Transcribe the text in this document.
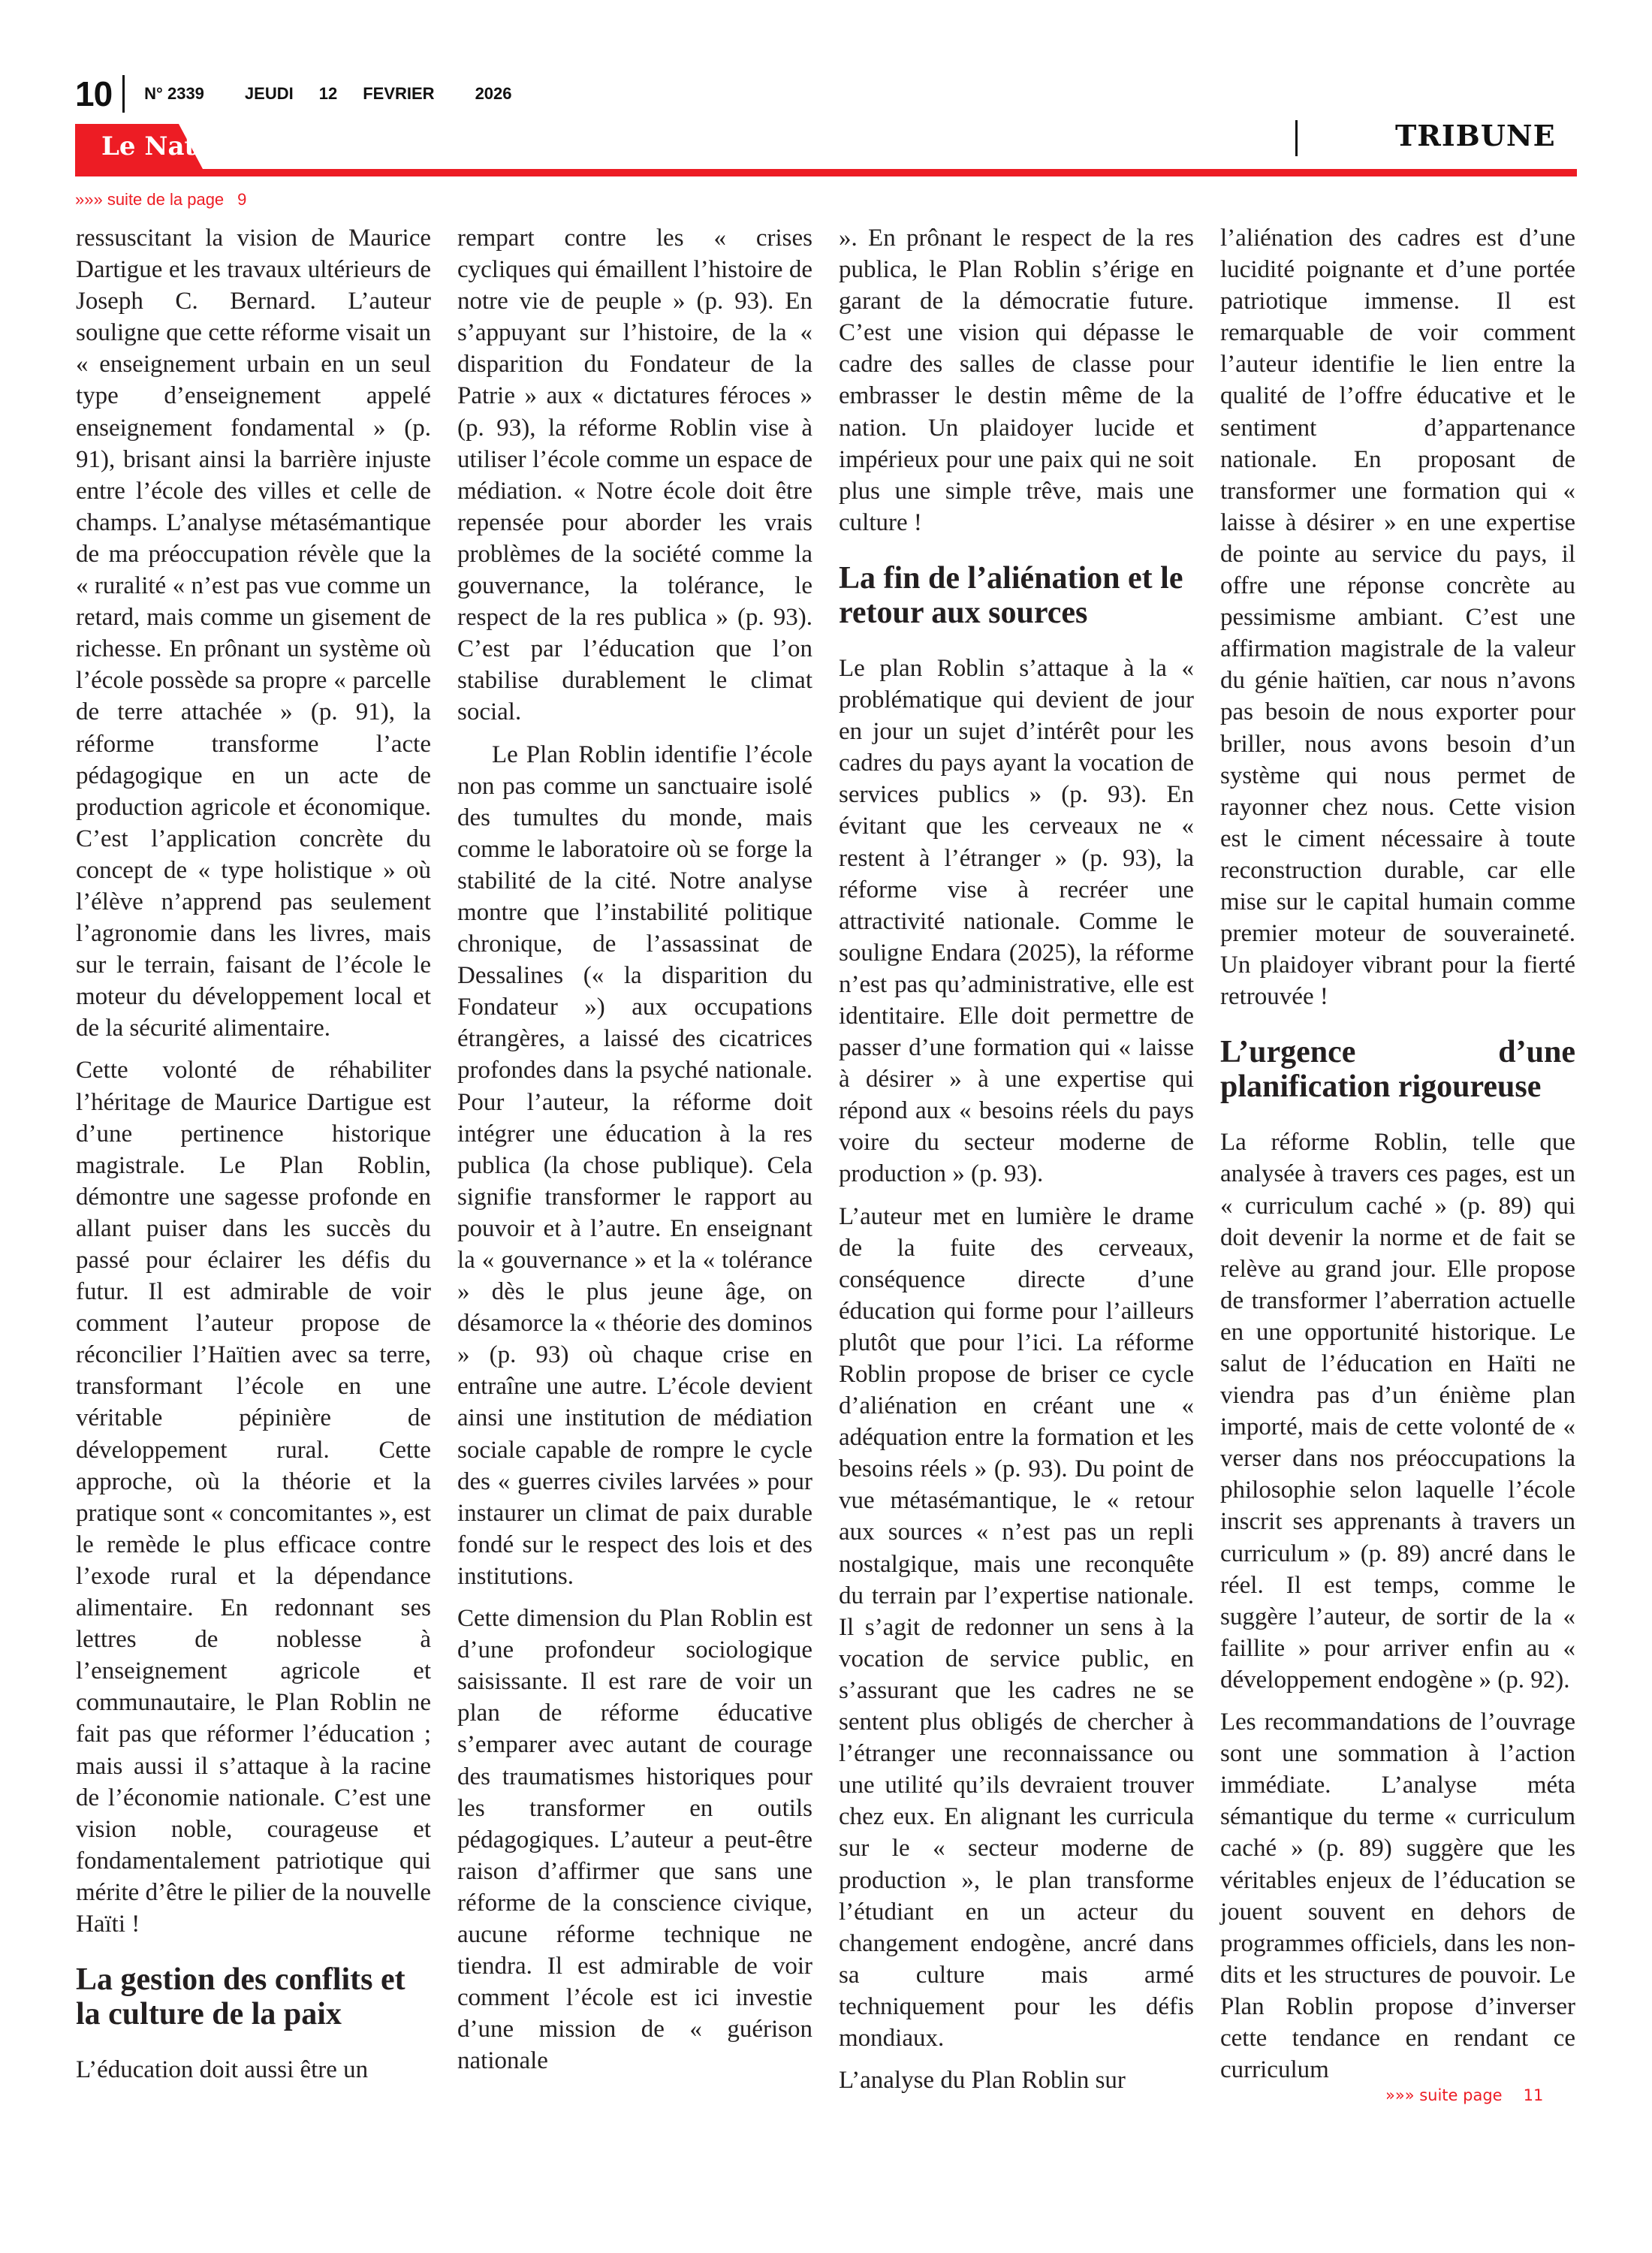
10 N° 2339 JEUDI 12 FEVRIER 2026
Le National	TRIBUNE
»»» suite de la page 9

ressuscitant la vision de Maurice Dartigue et les travaux ultérieurs de Joseph C. Bernard. L’auteur souligne que cette réforme visait un « enseignement urbain en un seul type d’enseignement appelé enseignement fondamental » (p. 91), brisant ainsi la barrière injuste entre l’école des villes et celle de champs. L’analyse métasémantique de ma préoccupation révèle que la « ruralité « n’est pas vue comme un retard, mais comme un gisement de richesse. En prônant un système où l’école possède sa propre « parcelle de terre attachée » (p. 91), la réforme transforme l’acte pédagogique en un acte de production agricole et économique. C’est l’application concrète du concept de « type holistique » où l’élève n’apprend pas seulement l’agronomie dans les livres, mais sur le terrain, faisant de l’école le moteur du développement local et de la sécurité alimentaire.

Cette volonté de réhabiliter l’héritage de Maurice Dartigue est d’une pertinence historique magistrale. Le Plan Roblin, démontre une sagesse profonde en allant puiser dans les succès du passé pour éclairer les défis du futur. Il est admirable de voir comment l’auteur propose de réconcilier l’Haïtien avec sa terre, transformant l’école en une véritable pépinière de développement rural. Cette approche, où la théorie et la pratique sont « concomitantes », est le remède le plus efficace contre l’exode rural et la dépendance alimentaire. En redonnant ses lettres de noblesse à l’enseignement agricole et communautaire, le Plan Roblin ne fait pas que réformer l’éducation ; mais aussi il s’attaque à la racine de l’économie nationale. C’est une vision noble, courageuse et fondamentalement patriotique qui mérite d’être le pilier de la nouvelle Haïti !

La gestion des conflits et la culture de la paix

L’éducation doit aussi être un

rempart contre les « crises cycliques qui émaillent l’histoire de notre vie de peuple » (p. 93). En s’appuyant sur l’histoire, de la « disparition du Fondateur de la Patrie » aux « dictatures féroces » (p. 93), la réforme Roblin vise à utiliser l’école comme un espace de médiation. « Notre école doit être repensée pour aborder les vrais problèmes de la société comme la gouvernance, la tolérance, le respect de la res publica » (p. 93). C’est par l’éducation que l’on stabilise durablement le climat social.

Le Plan Roblin identifie l’école non pas comme un sanctuaire isolé des tumultes du monde, mais comme le laboratoire où se forge la stabilité de la cité. Notre analyse montre que l’instabilité politique chronique, de l’assassinat de Dessalines (« la disparition du Fondateur ») aux occupations étrangères, a laissé des cicatrices profondes dans la psyché nationale. Pour l’auteur, la réforme doit intégrer une éducation à la res publica (la chose publique). Cela signifie transformer le rapport au pouvoir et à l’autre. En enseignant la « gouvernance » et la « tolérance » dès le plus jeune âge, on désamorce la « théorie des dominos » (p. 93) où chaque crise en entraîne une autre. L’école devient ainsi une institution de médiation sociale capable de rompre le cycle des « guerres civiles larvées » pour instaurer un climat de paix durable fondé sur le respect des lois et des institutions.

Cette dimension du Plan Roblin est d’une profondeur sociologique saisissante. Il est rare de voir un plan de réforme éducative s’emparer avec autant de courage des traumatismes historiques pour les transformer en outils pédagogiques. L’auteur a peut-être raison d’affirmer que sans une réforme de la conscience civique, aucune réforme technique ne tiendra. Il est admirable de voir comment l’école est ici investie d’une mission de « guérison nationale

». En prônant le respect de la res publica, le Plan Roblin s’érige en garant de la démocratie future. C’est une vision qui dépasse le cadre des salles de classe pour embrasser le destin même de la nation. Un plaidoyer lucide et impérieux pour une paix qui ne soit plus une simple trêve, mais une culture !

La fin de l’aliénation et le retour aux sources

Le plan Roblin s’attaque à la « problématique qui devient de jour en jour un sujet d’intérêt pour les cadres du pays ayant la vocation de services publics » (p. 93). En évitant que les cerveaux ne « restent à l’étranger » (p. 93), la réforme vise à recréer une attractivité nationale. Comme le souligne Endara (2025), la réforme n’est pas qu’administrative, elle est identitaire. Elle doit permettre de passer d’une formation qui « laisse à désirer » à une expertise qui répond aux « besoins réels du pays voire du secteur moderne de production » (p. 93).

L’auteur met en lumière le drame de la fuite des cerveaux, conséquence directe d’une éducation qui forme pour l’ailleurs plutôt que pour l’ici. La réforme Roblin propose de briser ce cycle d’aliénation en créant une « adéquation entre la formation et les besoins réels » (p. 93). Du point de vue métasémantique, le « retour aux sources « n’est pas un repli nostalgique, mais une reconquête du terrain par l’expertise nationale. Il s’agit de redonner un sens à la vocation de service public, en s’assurant que les cadres ne se sentent plus obligés de chercher à l’étranger une reconnaissance ou une utilité qu’ils devraient trouver chez eux. En alignant les curricula sur le « secteur moderne de production », le plan transforme l’étudiant en un acteur du changement endogène, ancré dans sa culture mais armé techniquement pour les défis mondiaux.

L’analyse du Plan Roblin sur

l’aliénation des cadres est d’une lucidité poignante et d’une portée patriotique immense. Il est remarquable de voir comment l’auteur identifie le lien entre la qualité de l’offre éducative et le sentiment d’appartenance nationale. En proposant de transformer une formation qui « laisse à désirer » en une expertise de pointe au service du pays, il offre une réponse concrète au pessimisme ambiant. C’est une affirmation magistrale de la valeur du génie haïtien, car nous n’avons pas besoin de nous exporter pour briller, nous avons besoin d’un système qui nous permet de rayonner chez nous. Cette vision est le ciment nécessaire à toute reconstruction durable, car elle mise sur le capital humain comme premier moteur de souveraineté. Un plaidoyer vibrant pour la fierté retrouvée !

L’urgence d’une planification rigoureuse

La réforme Roblin, telle que analysée à travers ces pages, est un « curriculum caché » (p. 89) qui doit devenir la norme et de fait se relève au grand jour. Elle propose de transformer l’aberration actuelle en une opportunité historique. Le salut de l’éducation en Haïti ne viendra pas d’un énième plan importé, mais de cette volonté de « verser dans nos préoccupations la philosophie selon laquelle l’école inscrit ses apprenants à travers un curriculum » (p. 89) ancré dans le réel. Il est temps, comme le suggère l’auteur, de sortir de la « faillite » pour arriver enfin au « développement endogène » (p. 92).

Les recommandations de l’ouvrage sont une sommation à l’action immédiate. L’analyse méta sémantique du terme « curriculum caché » (p. 89) suggère que les véritables enjeux de l’éducation se jouent souvent en dehors de programmes officiels, dans les non-dits et les structures de pouvoir. Le Plan Roblin propose d’inverser cette tendance en rendant ce curriculum

»»» suite page 11
